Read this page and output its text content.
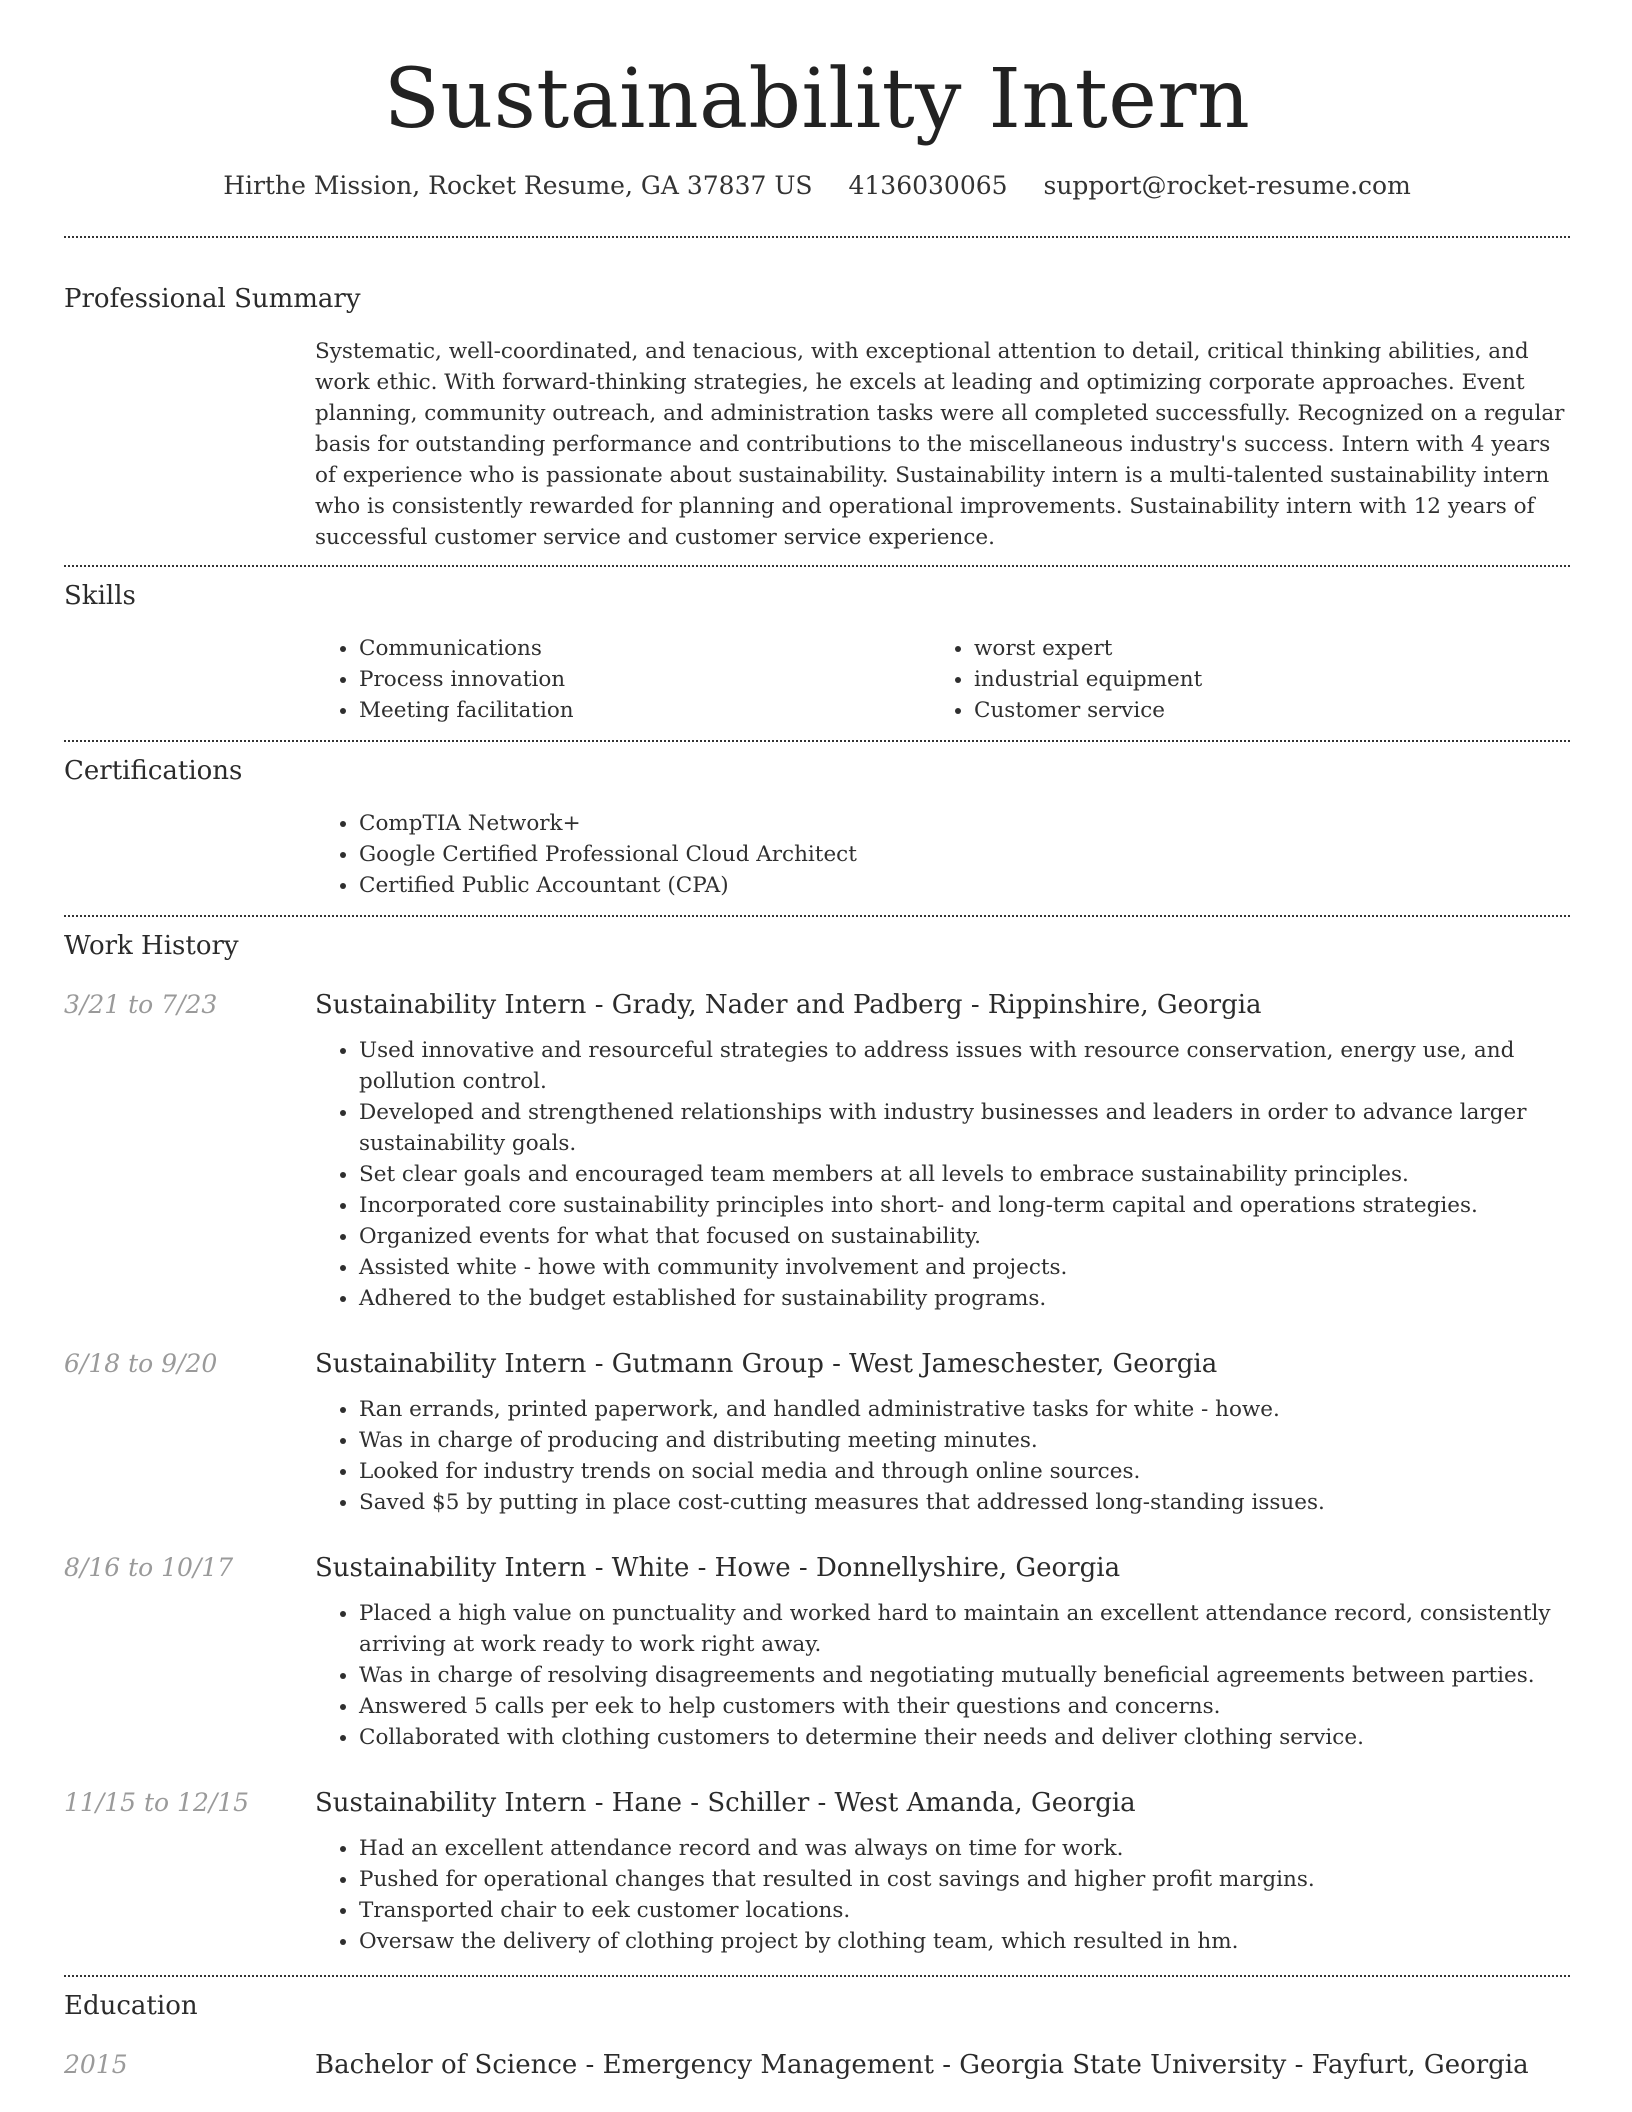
Sustainability Intern
Hirthe Mission, Rocket Resume, GA 37837 US 4136030065 support@rocket-resume.com
Professional Summary

Systematic, well-coordinated, and tenacious, with exceptional attention to detail, critical thinking abilities, and work ethic. With forward-thinking strategies, he excels at leading and optimizing corporate approaches. Event planning, community outreach, and administration tasks were all completed successfully. Recognized on a regular basis for outstanding performance and contributions to the miscellaneous industry's success. Intern with 4 years of experience who is passionate about sustainability. Sustainability intern is a multi-talented sustainability intern who is consistently rewarded for planning and operational improvements. Sustainability intern with 12 years of successful customer service and customer service experience.

Skills
• Communications
• Process innovation
• Meeting facilitation
• worst expert
• industrial equipment
• Customer service
Certifications
• CompTIA Network+
• Google Certified Professional Cloud Architect
• Certified Public Accountant (CPA)
Work History
3/21 to 7/23	Sustainability Intern - Grady, Nader and Padberg - Rippinshire, Georgia
• Used innovative and resourceful strategies to address issues with resource conservation, energy use, and pollution control.
• Developed and strengthened relationships with industry businesses and leaders in order to advance larger sustainability goals.
• Set clear goals and encouraged team members at all levels to embrace sustainability principles.
• Incorporated core sustainability principles into short- and long-term capital and operations strategies.
• Organized events for what that focused on sustainability.
• Assisted white - howe with community involvement and projects.
• Adhered to the budget established for sustainability programs.
6/18 to 9/20	Sustainability Intern - Gutmann Group - West Jameschester, Georgia
• Ran errands, printed paperwork, and handled administrative tasks for white - howe.
• Was in charge of producing and distributing meeting minutes.
• Looked for industry trends on social media and through online sources.
• Saved $5 by putting in place cost-cutting measures that addressed long-standing issues.
8/16 to 10/17	Sustainability Intern - White - Howe - Donnellyshire, Georgia
• Placed a high value on punctuality and worked hard to maintain an excellent attendance record, consistently arriving at work ready to work right away.
• Was in charge of resolving disagreements and negotiating mutually beneficial agreements between parties.
• Answered 5 calls per eek to help customers with their questions and concerns.
• Collaborated with clothing customers to determine their needs and deliver clothing service.
11/15 to 12/15	Sustainability Intern - Hane - Schiller - West Amanda, Georgia
• Had an excellent attendance record and was always on time for work.
• Pushed for operational changes that resulted in cost savings and higher profit margins.
• Transported chair to eek customer locations.
• Oversaw the delivery of clothing project by clothing team, which resulted in hm.
Education
2015	Bachelor of Science - Emergency Management - Georgia State University - Fayfurt, Georgia
